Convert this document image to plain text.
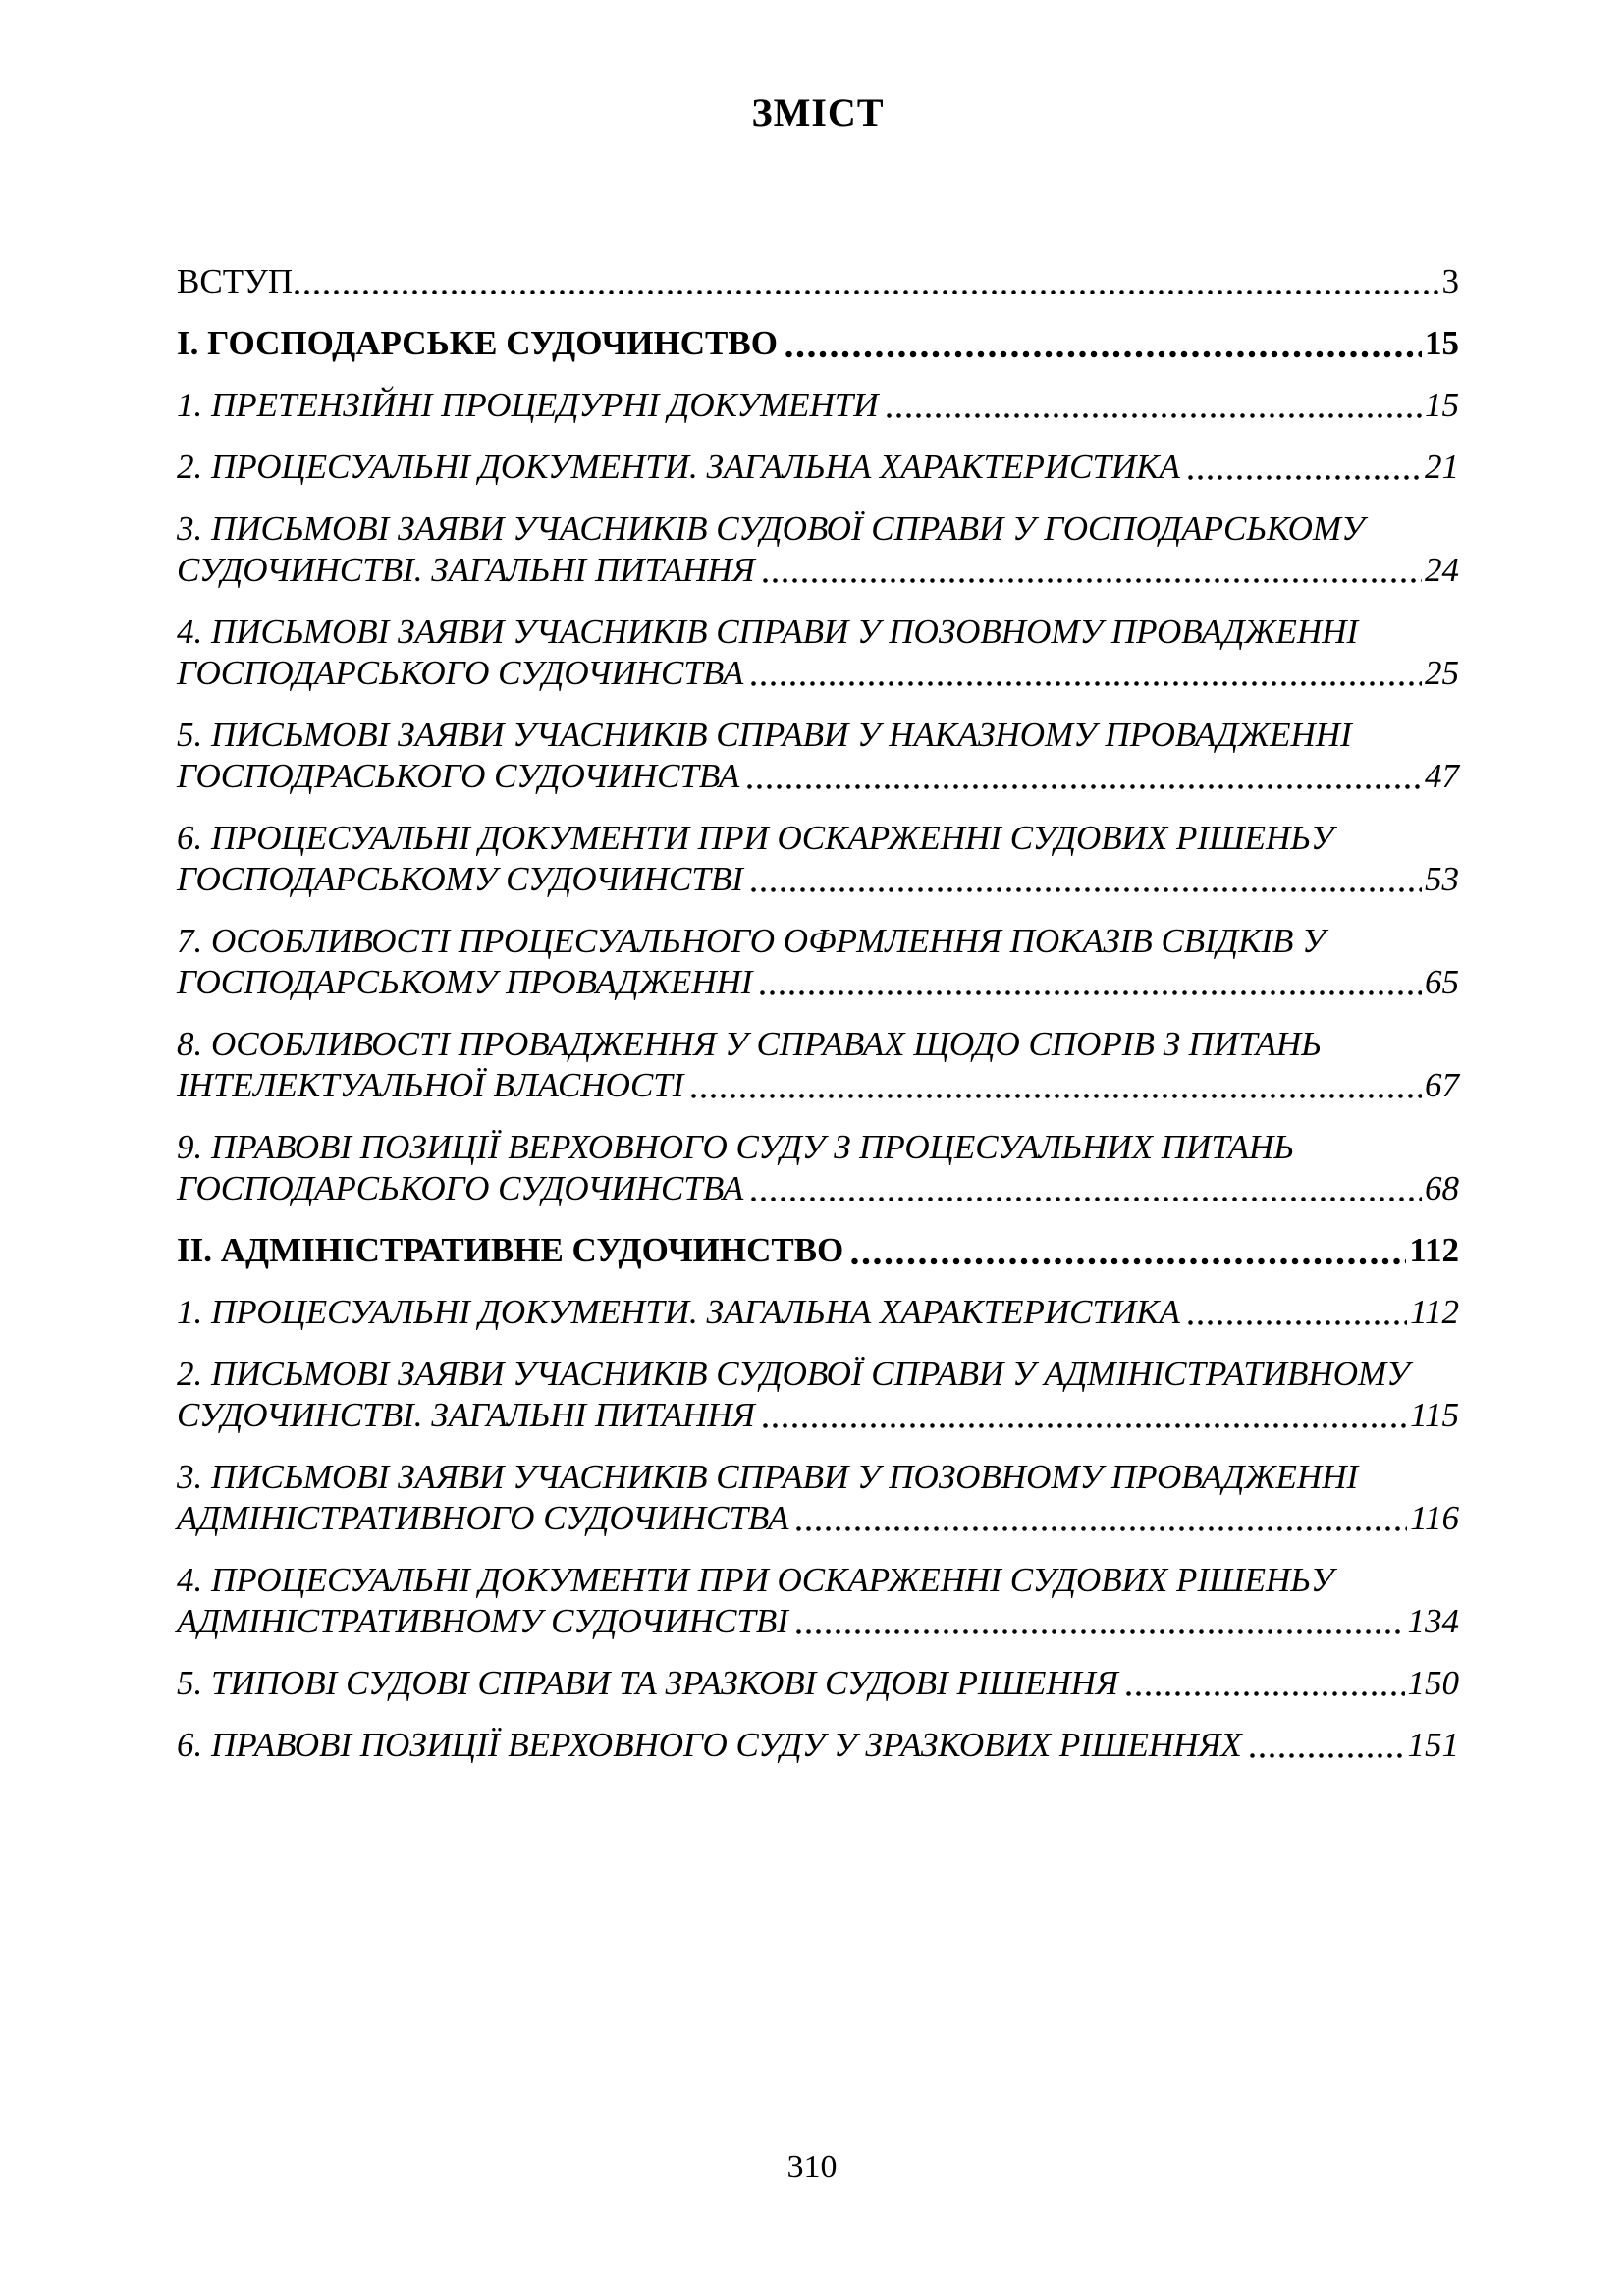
ЗМІСТ
ВСТУП	3
І. ГОСПОДАРСЬКЕ СУДОЧИНСТВО	15
1. ПРЕТЕНЗІЙНІ ПРОЦЕДУРНІ ДОКУМЕНТИ	15
2. ПРОЦЕСУАЛЬНІ ДОКУМЕНТИ. ЗАГАЛЬНА ХАРАКТЕРИСТИКА	21
3. ПИСЬМОВІ ЗАЯВИ УЧАСНИКІВ СУДОВОЇ СПРАВИ У ГОСПОДАРСЬКОМУ
СУДОЧИНСТВІ. ЗАГАЛЬНІ ПИТАННЯ	24
4. ПИСЬМОВІ ЗАЯВИ УЧАСНИКІВ СПРАВИ У ПОЗОВНОМУ ПРОВАДЖЕННІ
ГОСПОДАРСЬКОГО СУДОЧИНСТВА	25
5. ПИСЬМОВІ ЗАЯВИ УЧАСНИКІВ СПРАВИ У НАКАЗНОМУ ПРОВАДЖЕННІ
ГОСПОДРАСЬКОГО СУДОЧИНСТВА	47
6. ПРОЦЕСУАЛЬНІ ДОКУМЕНТИ ПРИ ОСКАРЖЕННІ СУДОВИХ РІШЕНЬУ
ГОСПОДАРСЬКОМУ СУДОЧИНСТВІ	53
7. ОСОБЛИВОСТІ ПРОЦЕСУАЛЬНОГО ОФРМЛЕННЯ ПОКАЗІВ СВІДКІВ У
ГОСПОДАРСЬКОМУ ПРОВАДЖЕННІ	65
8. ОСОБЛИВОСТІ ПРОВАДЖЕННЯ У СПРАВАХ ЩОДО СПОРІВ З ПИТАНЬ
ІНТЕЛЕКТУАЛЬНОЇ ВЛАСНОСТІ	67
9. ПРАВОВІ ПОЗИЦІЇ ВЕРХОВНОГО СУДУ З ПРОЦЕСУАЛЬНИХ ПИТАНЬ
ГОСПОДАРСЬКОГО СУДОЧИНСТВА	68
ІІ. АДМІНІСТРАТИВНЕ СУДОЧИНСТВО	112
1. ПРОЦЕСУАЛЬНІ ДОКУМЕНТИ. ЗАГАЛЬНА ХАРАКТЕРИСТИКА	112
2. ПИСЬМОВІ ЗАЯВИ УЧАСНИКІВ СУДОВОЇ СПРАВИ У АДМІНІСТРАТИВНОМУ
СУДОЧИНСТВІ. ЗАГАЛЬНІ ПИТАННЯ	115
3. ПИСЬМОВІ ЗАЯВИ УЧАСНИКІВ СПРАВИ У ПОЗОВНОМУ ПРОВАДЖЕННІ
АДМІНІСТРАТИВНОГО СУДОЧИНСТВА	116
4. ПРОЦЕСУАЛЬНІ ДОКУМЕНТИ ПРИ ОСКАРЖЕННІ СУДОВИХ РІШЕНЬУ
АДМІНІСТРАТИВНОМУ СУДОЧИНСТВІ	134
5. ТИПОВІ СУДОВІ СПРАВИ ТА ЗРАЗКОВІ СУДОВІ РІШЕННЯ	150
6. ПРАВОВІ ПОЗИЦІЇ ВЕРХОВНОГО СУДУ У ЗРАЗКОВИХ РІШЕННЯХ	151
310
